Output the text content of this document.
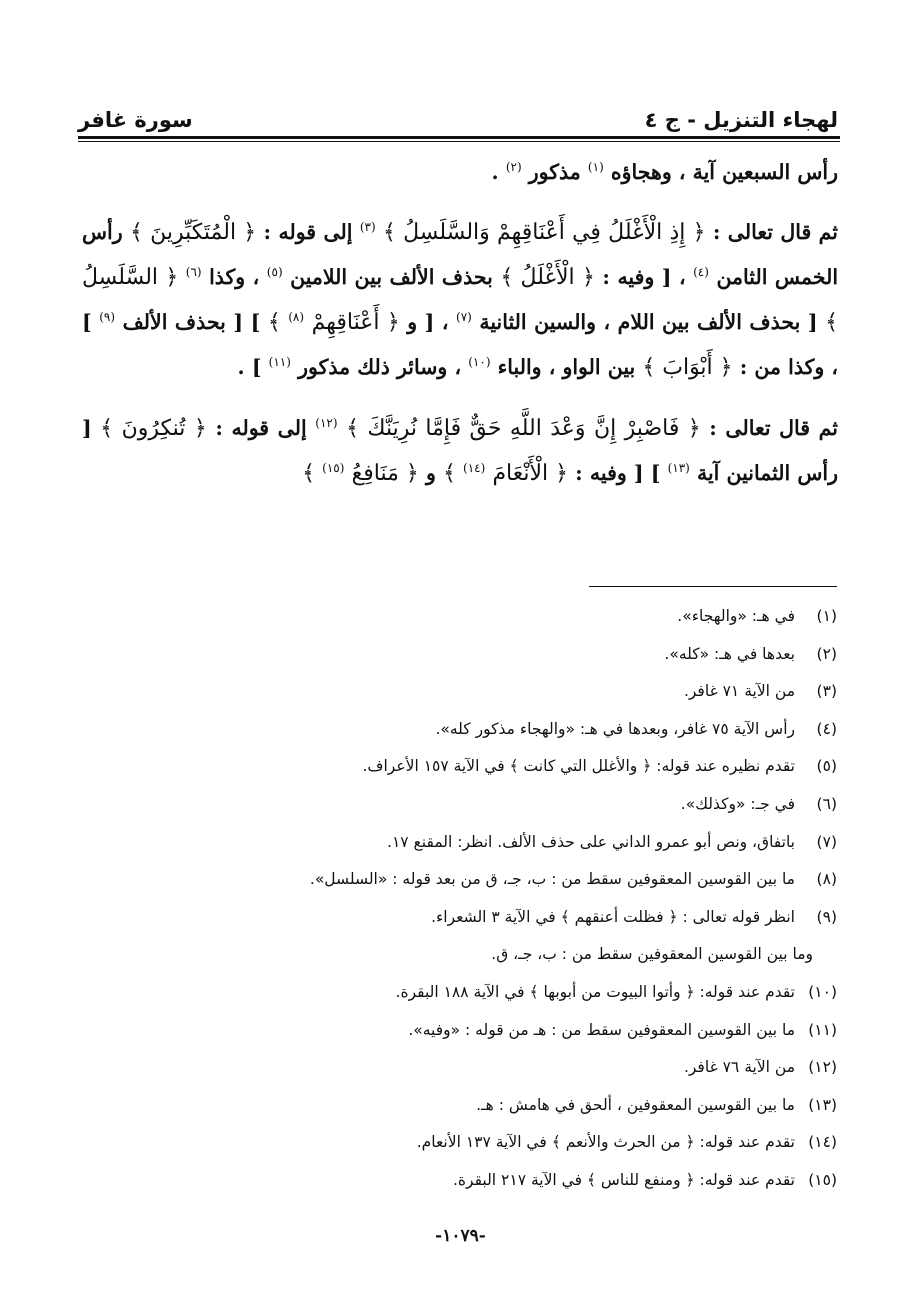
لهجاء التنزيل - ج ٤
سورة غافر

رأس السبعين آية ، وهجاؤه $^{(١)}$ مذكور $^{(٢)}$ .

ثم قال تعالى : ﴿ إِذِ الْأَغْلَلُ فِي أَعْنَاقِهِمْ وَالسَّلَسِلُ ﴾ $^{(٣)}$ إلى قوله : ﴿ الْمُتَكَبِّرِينَ ﴾ رأس الخمس الثامن $^{(٤)}$ ، [ وفيه : ﴿ الْأَغْلَلُ ﴾ بحذف الألف بين اللامين $^{(٥)}$ ، وكذا $^{(٦)}$ ﴿ السَّلَسِلُ ﴾ [ بحذف الألف بين اللام ، والسين الثانية $^{(٧)}$ ، [ و ﴿ أَعْنَاقِهِمْ $^{(٨)}$ ﴾ ] [ بحذف الألف $^{(٩)}$ ] ، وكذا من : ﴿ أَبْوَابَ ﴾ بين الواو ، والباء $^{(١٠)}$ ، وسائر ذلك مذكور $^{(١١)}$ ] .

ثم قال تعالى : ﴿ فَاصْبِرْ إِنَّ وَعْدَ اللَّهِ حَقٌّ فَإِمَّا نُرِيَنَّكَ ﴾ $^{(١٢)}$ إلى قوله : ﴿ تُنكِرُونَ ﴾ [ رأس الثمانين آية $^{(١٣)}$ ] [ وفيه : ﴿ الْأَنْعَامَ $^{(١٤)}$ ﴾ و ﴿ مَنَافِعُ $^{(١٥)}$ ﴾

(١)
في هـ: «والهجاء».
(٢)
بعدها في هـ: «كله».
(٣)
من الآية ٧١ غافر.
(٤)
رأس الآية ٧٥ غافر، وبعدها في هـ: «والهجاء مذكور كله».
(٥)
تقدم نظيره عند قوله: ﴿ والأغلل التي كانت ﴾ في الآية ١٥٧ الأعراف.
(٦)
في جـ: «وكذلك».
(٧)
باتفاق، ونص أبو عمرو الداني على حذف الألف. انظر: المقنع ١٧.
(٨)
ما بين القوسين المعقوفين سقط من : ب، جـ، ق من بعد قوله : «السلسل».
(٩)
انظر قوله تعالى : ﴿ فظلت أعنقهم ﴾ في الآية ٣ الشعراء.
وما بين القوسين المعقوفين سقط من : ب، جـ، ق.
(١٠)
تقدم عند قوله: ﴿ وأتوا البيوت من أبوبها ﴾ في الآية ١٨٨ البقرة.
(١١)
ما بين القوسين المعقوفين سقط من : هـ من قوله : «وفيه».
(١٢)
من الآية ٧٦ غافر.
(١٣)
ما بين القوسين المعقوفين ، ألحق في هامش : هـ.
(١٤)
تقدم عند قوله: ﴿ من الحرث والأنعم ﴾ في الآية ١٣٧ الأنعام.
(١٥)
تقدم عند قوله: ﴿ ومنفع للناس ﴾ في الآية ٢١٧ البقرة.
-١٠٧٩-
